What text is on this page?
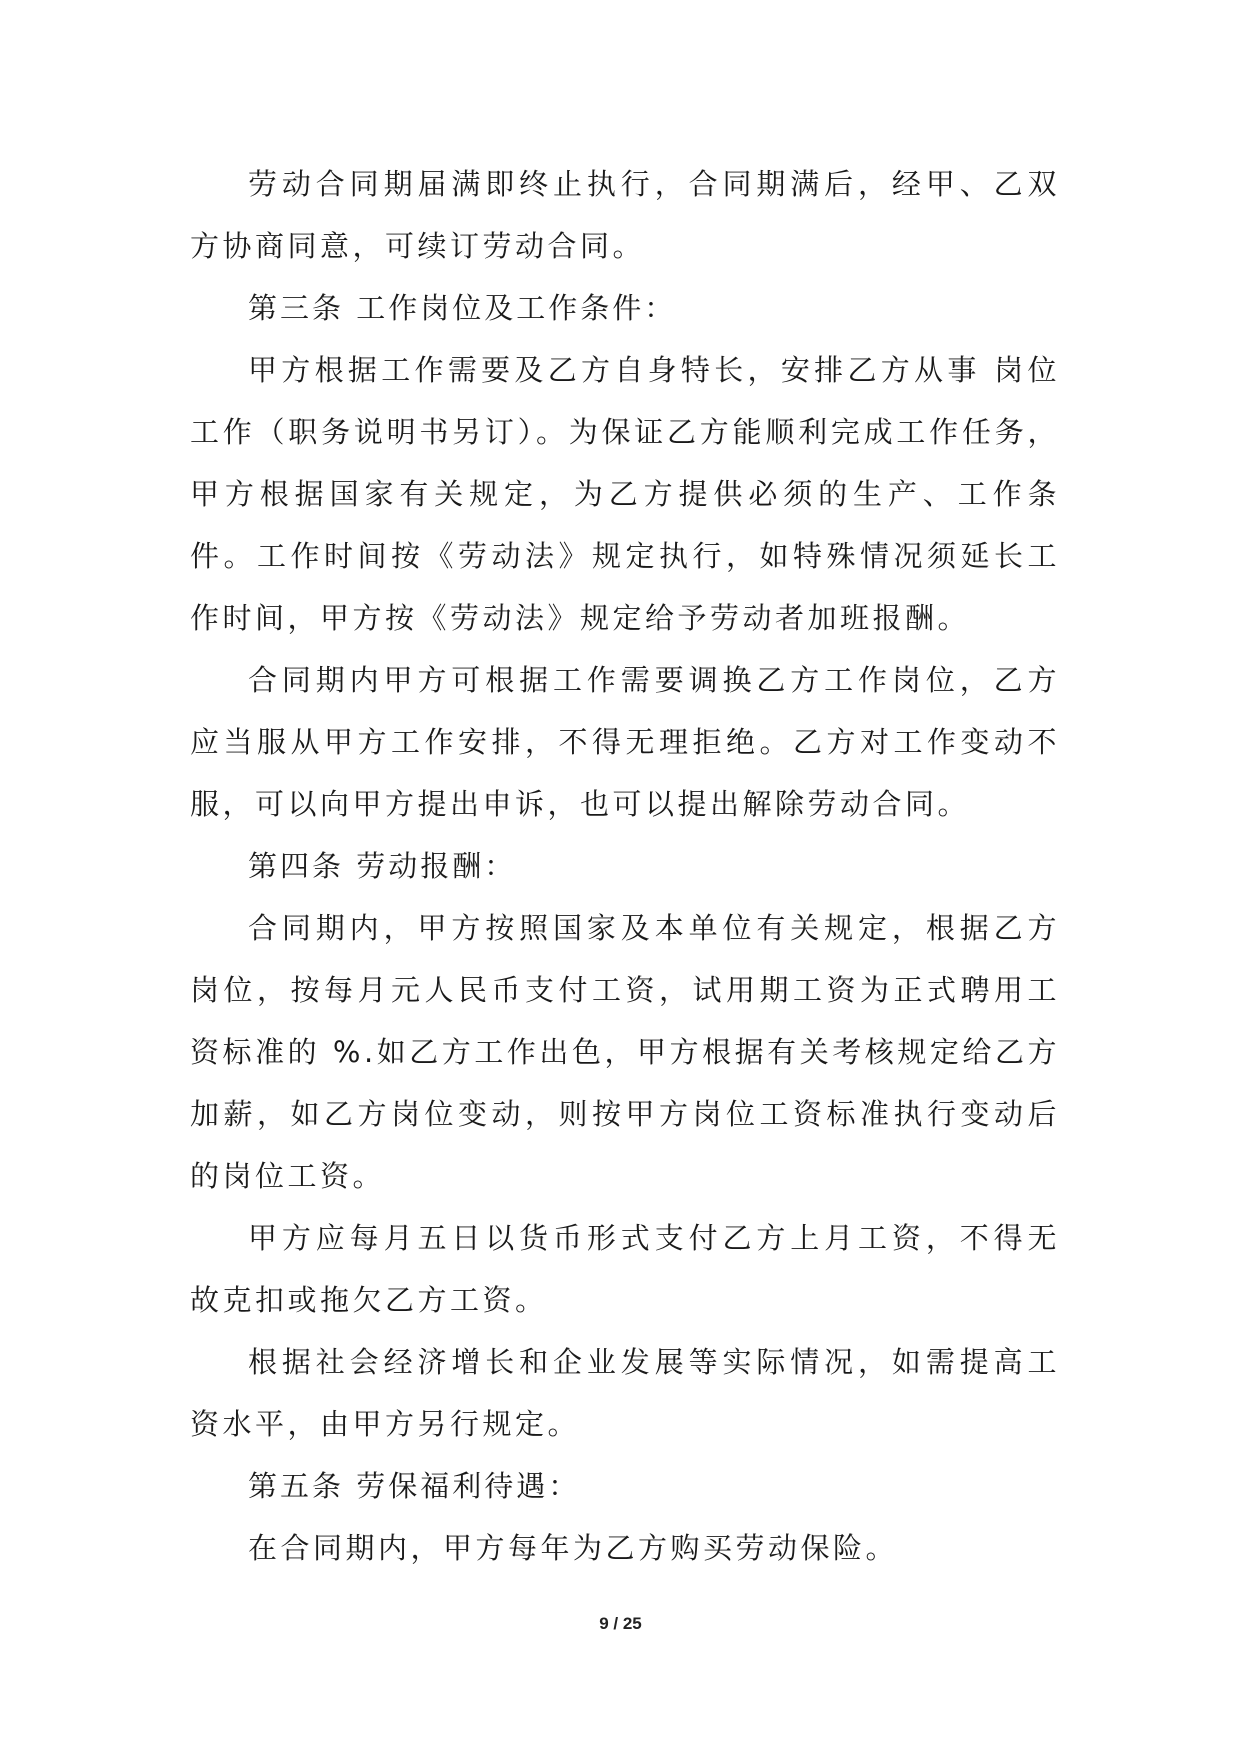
劳动合同期届满即终止执行，合同期满后，经甲、乙双方协商同意，可续订劳动合同。

第三条 工作岗位及工作条件：

甲方根据工作需要及乙方自身特长，安排乙方从事 岗位工作（职务说明书另订）。为保证乙方能顺利完成工作任务，甲方根据国家有关规定，为乙方提供必须的生产、工作条件。工作时间按《劳动法》规定执行，如特殊情况须延长工作时间，甲方按《劳动法》规定给予劳动者加班报酬。

合同期内甲方可根据工作需要调换乙方工作岗位，乙方应当服从甲方工作安排，不得无理拒绝。乙方对工作变动不服，可以向甲方提出申诉，也可以提出解除劳动合同。

第四条 劳动报酬：

合同期内，甲方按照国家及本单位有关规定，根据乙方岗位，按每月元人民币支付工资，试用期工资为正式聘用工资标准的 %.如乙方工作出色，甲方根据有关考核规定给乙方加薪，如乙方岗位变动，则按甲方岗位工资标准执行变动后的岗位工资。

甲方应每月五日以货币形式支付乙方上月工资，不得无故克扣或拖欠乙方工资。

根据社会经济增长和企业发展等实际情况，如需提高工资水平，由甲方另行规定。

第五条 劳保福利待遇：

在合同期内，甲方每年为乙方购买劳动保险。

9 / 25
